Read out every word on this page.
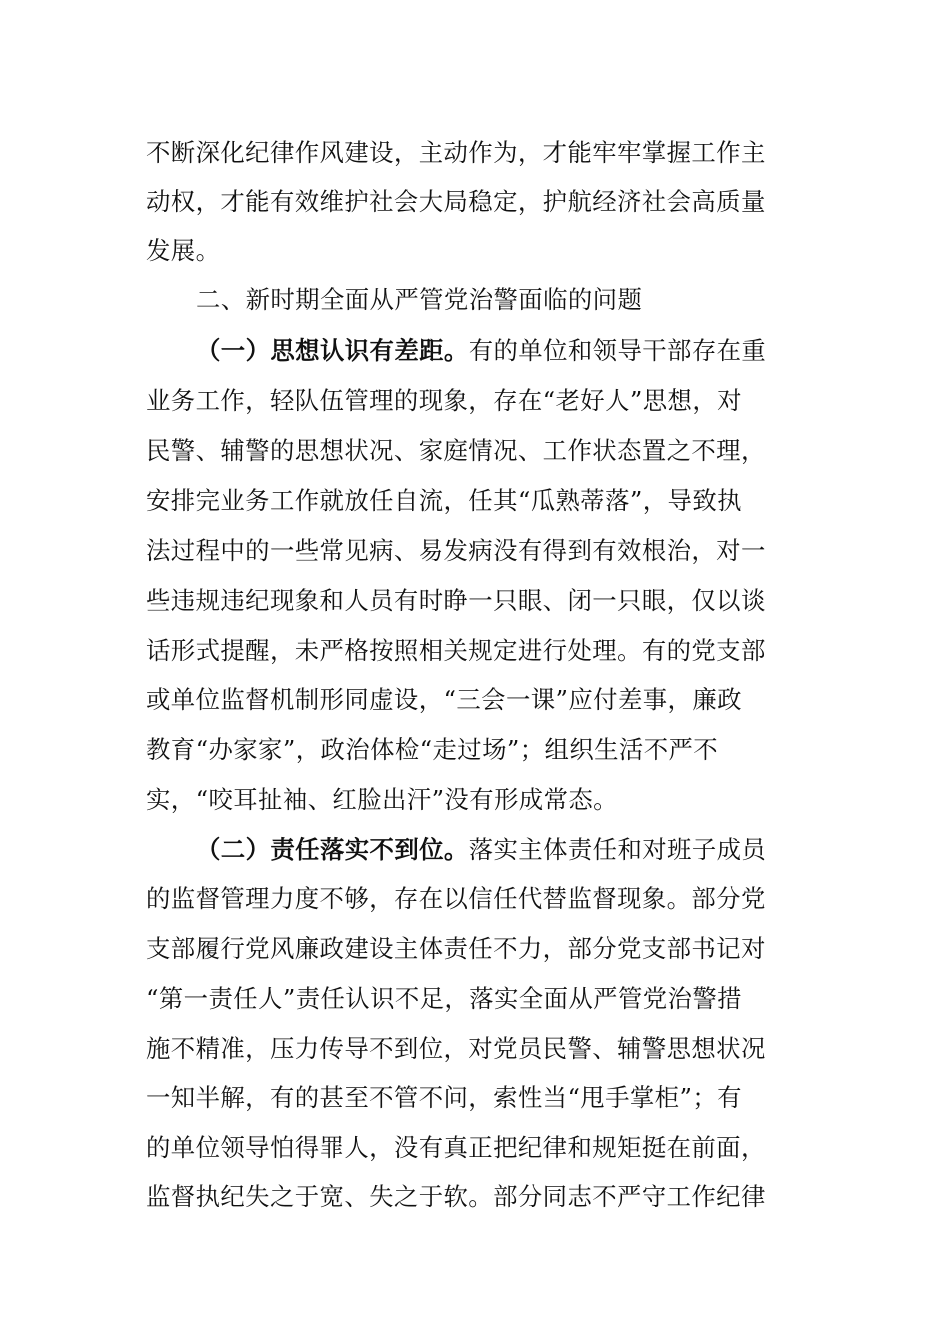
不断深化纪律作风建设，主动作为，才能牢牢掌握工作主
动权，才能有效维护社会大局稳定，护航经济社会高质量
发展。
二、新时期全面从严管党治警面临的问题
（一）思想认识有差距。有的单位和领导干部存在重
业务工作，轻队伍管理的现象，存在“老好人”思想，对
民警、辅警的思想状况、家庭情况、工作状态置之不理，
安排完业务工作就放任自流，任其“瓜熟蒂落”，导致执
法过程中的一些常见病、易发病没有得到有效根治，对一
些违规违纪现象和人员有时睁一只眼、闭一只眼，仅以谈
话形式提醒，未严格按照相关规定进行处理。有的党支部
或单位监督机制形同虚设，“三会一课”应付差事，廉政
教育“办家家”，政治体检“走过场”；组织生活不严不
实，“咬耳扯袖、红脸出汗”没有形成常态。
（二）责任落实不到位。落实主体责任和对班子成员
的监督管理力度不够，存在以信任代替监督现象。部分党
支部履行党风廉政建设主体责任不力，部分党支部书记对
“第一责任人”责任认识不足，落实全面从严管党治警措
施不精准，压力传导不到位，对党员民警、辅警思想状况
一知半解，有的甚至不管不问，索性当“甩手掌柜”；有
的单位领导怕得罪人，没有真正把纪律和规矩挺在前面，
监督执纪失之于宽、失之于软。部分同志不严守工作纪律
